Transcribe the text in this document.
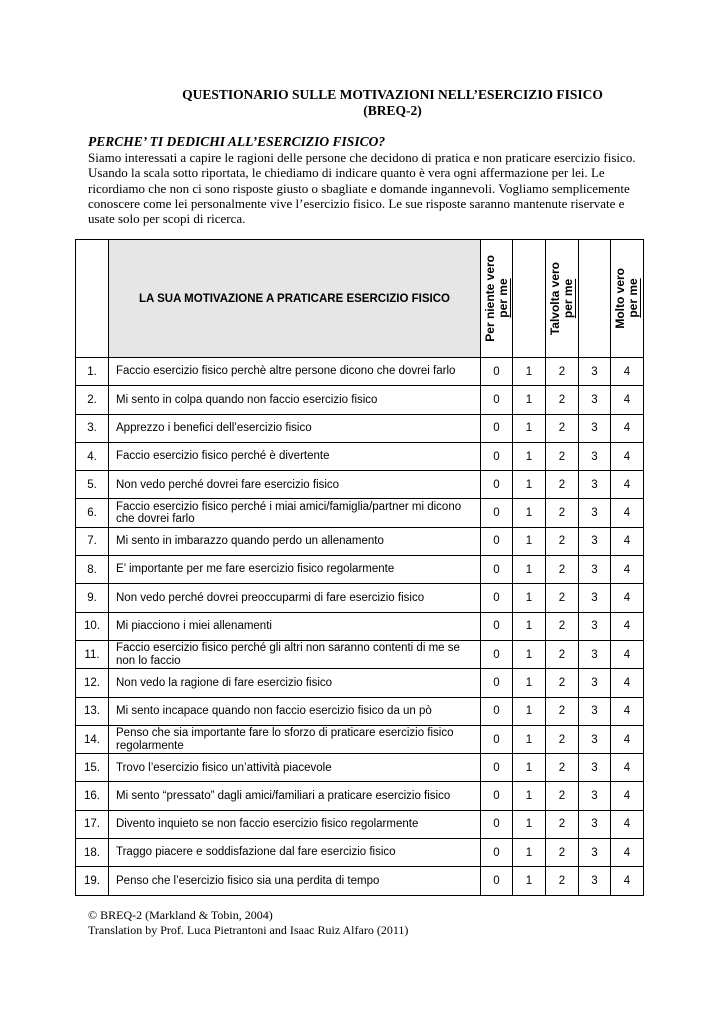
QUESTIONARIO SULLE MOTIVAZIONI NELL’ESERCIZIO FISICO
(BREQ-2)
PERCHE’ TI DEDICHI ALL’ESERCIZIO FISICO?
Siamo interessati a capire le ragioni delle persone che decidono di pratica e non praticare esercizio fisico. Usando la scala sotto riportata, le chiediamo di indicare quanto è vera ogni affermazione per lei. Le ricordiamo che non ci sono risposte giusto o sbagliate e domande ingannevoli. Vogliamo semplicemente conoscere come lei personalmente vive l’esercizio fisico. Le sue risposte saranno mantenute riservate e usate solo per scopi di ricerca.
	LA SUA MOTIVAZIONE A PRATICARE ESERCIZIO FISICO	Per niente vero per me		Talvolta vero per me		Molto vero per me

1.	Faccio esercizio fisico perchè altre persone dicono che dovrei farlo	0	1	2	3	4
2.	Mi sento in colpa quando non faccio esercizio fisico	0	1	2	3	4
3.	Apprezzo i benefici dell’esercizio fisico	0	1	2	3	4
4.	Faccio esercizio fisico perché è divertente	0	1	2	3	4
5.	Non vedo perché dovrei fare esercizio fisico	0	1	2	3	4
6.	Faccio esercizio fisico perché i miai amici/famiglia/partner mi dicono che dovrei farlo	0	1	2	3	4
7.	Mi sento in imbarazzo quando perdo un allenamento	0	1	2	3	4
8.	E’ importante per me fare esercizio fisico regolarmente	0	1	2	3	4
9.	Non vedo perché dovrei preoccuparmi di fare esercizio fisico	0	1	2	3	4
10.	Mi piacciono i miei allenamenti	0	1	2	3	4
11.	Faccio esercizio fisico perché gli altri non saranno contenti di me se non lo faccio	0	1	2	3	4
12.	Non vedo la ragione di fare esercizio fisico	0	1	2	3	4
13.	Mi sento incapace quando non faccio esercizio fisico da un pò	0	1	2	3	4
14.	Penso che sia importante fare lo sforzo di praticare esercizio fisico regolarmente	0	1	2	3	4
15.	Trovo l’esercizio fisico un’attività piacevole	0	1	2	3	4
16.	Mi sento “pressato” dagli amici/familiari a praticare esercizio fisico	0	1	2	3	4
17.	Divento inquieto se non faccio esercizio fisico regolarmente	0	1	2	3	4
18.	Traggo piacere e soddisfazione dal fare esercizio fisico	0	1	2	3	4
19.	Penso che l’esercizio fisico sia una perdita di tempo	0	1	2	3	4
© BREQ-2 (Markland & Tobin, 2004)
Translation by Prof. Luca Pietrantoni and Isaac Ruiz Alfaro (2011)
